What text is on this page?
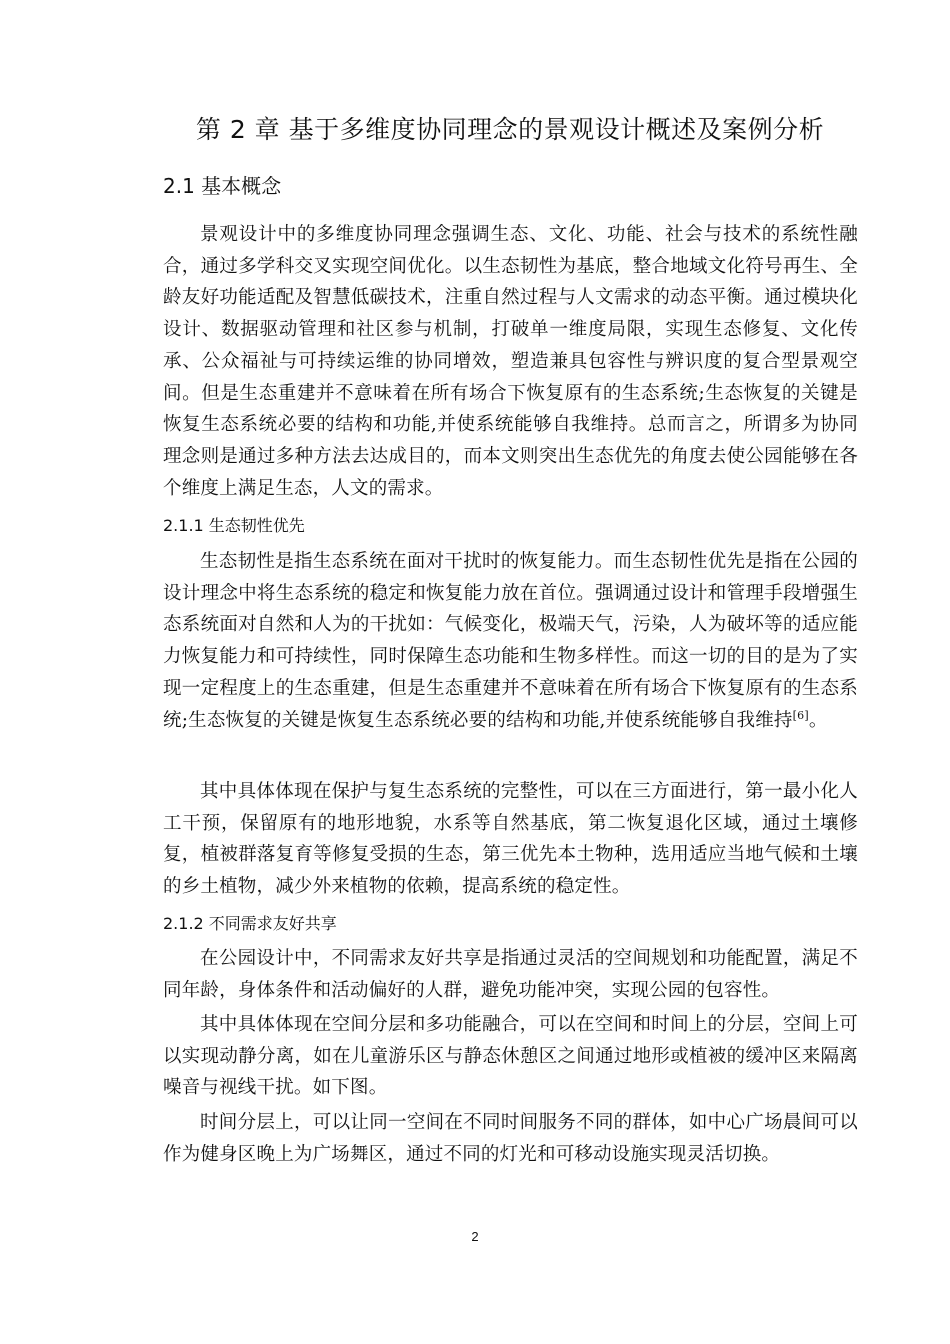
第 2 章 基于多维度协同理念的景观设计概述及案例分析
2.1 基本概念

景观设计中的多维度协同理念强调生态、文化、功能、社会与技术的系统性融合，通过多学科交叉实现空间优化。以生态韧性为基底，整合地域文化符号再生、全龄友好功能适配及智慧低碳技术，注重自然过程与人文需求的动态平衡。通过模块化设计、数据驱动管理和社区参与机制，打破单一维度局限，实现生态修复、文化传承、公众福祉与可持续运维的协同增效，塑造兼具包容性与辨识度的复合型景观空间。但是生态重建并不意味着在所有场合下恢复原有的生态系统;生态恢复的关键是恢复生态系统必要的结构和功能,并使系统能够自我维持。总而言之，所谓多为协同理念则是通过多种方法去达成目的，而本文则突出生态优先的角度去使公园能够在各个维度上满足生态，人文的需求。

2.1.1 生态韧性优先

生态韧性是指生态系统在面对干扰时的恢复能力。而生态韧性优先是指在公园的设计理念中将生态系统的稳定和恢复能力放在首位。强调通过设计和管理手段增强生态系统面对自然和人为的干扰如：气候变化，极端天气，污染，人为破坏等的适应能力恢复能力和可持续性，同时保障生态功能和生物多样性。而这一切的目的是为了实现一定程度上的生态重建，但是生态重建并不意味着在所有场合下恢复原有的生态系统;生态恢复的关键是恢复生态系统必要的结构和功能,并使系统能够自我维持[6]。

其中具体体现在保护与复生态系统的完整性，可以在三方面进行，第一最小化人工干预，保留原有的地形地貌，水系等自然基底，第二恢复退化区域，通过土壤修复，植被群落复育等修复受损的生态，第三优先本土物种，选用适应当地气候和土壤的乡土植物，减少外来植物的依赖，提高系统的稳定性。

2.1.2 不同需求友好共享

在公园设计中，不同需求友好共享是指通过灵活的空间规划和功能配置，满足不同年龄，身体条件和活动偏好的人群，避免功能冲突，实现公园的包容性。

其中具体体现在空间分层和多功能融合，可以在空间和时间上的分层，空间上可以实现动静分离，如在儿童游乐区与静态休憩区之间通过地形或植被的缓冲区来隔离噪音与视线干扰。如下图。

时间分层上，可以让同一空间在不同时间服务不同的群体，如中心广场晨间可以作为健身区晚上为广场舞区，通过不同的灯光和可移动设施实现灵活切换。

2
